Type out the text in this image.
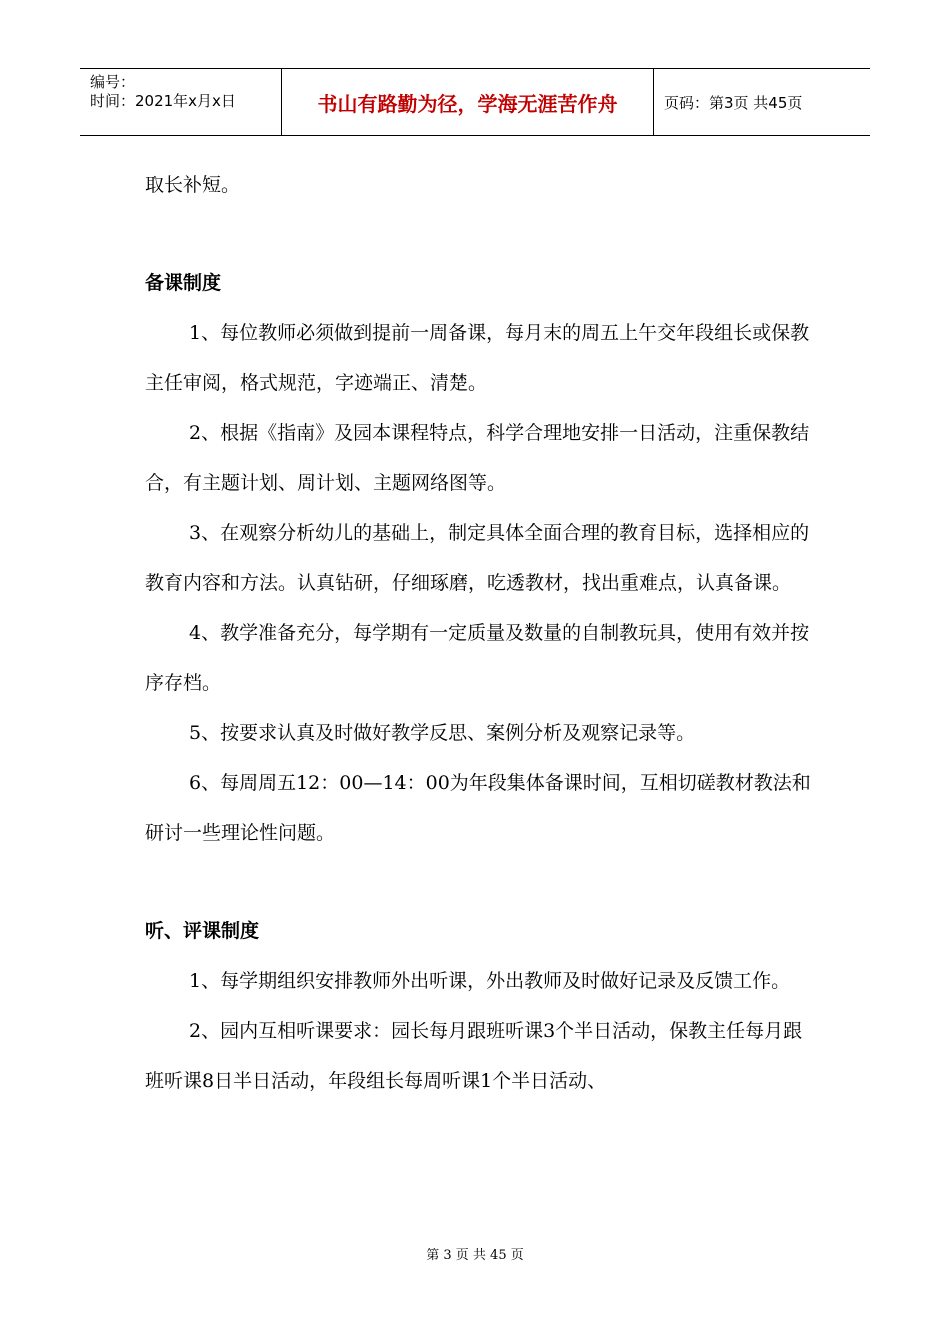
编号：
时间：2021年x月x日	书山有路勤为径，学海无涯苦作舟	页码：第3页 共45页

取长补短。

备课制度

1、每位教师必须做到提前一周备课，每月末的周五上午交年段组长或保教主任审阅，格式规范，字迹端正、清楚。

2、根据《指南》及园本课程特点，科学合理地安排一日活动，注重保教结合，有主题计划、周计划、主题网络图等。

3、在观察分析幼儿的基础上，制定具体全面合理的教育目标，选择相应的教育内容和方法。认真钻研，仔细琢磨，吃透教材，找出重难点，认真备课。

4、教学准备充分，每学期有一定质量及数量的自制教玩具，使用有效并按序存档。

5、按要求认真及时做好教学反思、案例分析及观察记录等。

6、每周周五12：00—14：00为年段集体备课时间，互相切磋教材教法和研讨一些理论性问题。

听、评课制度

1、每学期组织安排教师外出听课，外出教师及时做好记录及反馈工作。

2、园内互相听课要求：园长每月跟班听课3个半日活动，保教主任每月跟班听课8日半日活动，年段组长每周听课1个半日活动、

第 3 页 共 45 页
